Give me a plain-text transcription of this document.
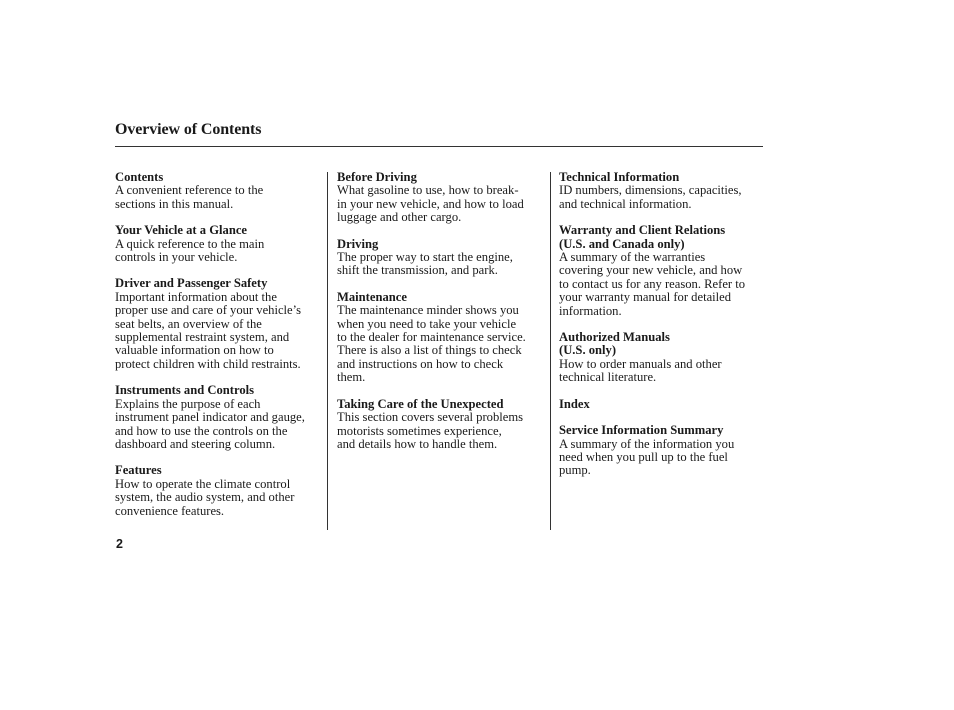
Overview of Contents
Contents
A convenient reference to the
sections in this manual.
Your Vehicle at a Glance
A quick reference to the main
controls in your vehicle.
Driver and Passenger Safety
Important information about the
proper use and care of your vehicle’s
seat belts, an overview of the
supplemental restraint system, and
valuable information on how to
protect children with child restraints.
Instruments and Controls
Explains the purpose of each
instrument panel indicator and gauge,
and how to use the controls on the
dashboard and steering column.
Features
How to operate the climate control
system, the audio system, and other
convenience features.
Before Driving
What gasoline to use, how to break-
in your new vehicle, and how to load
luggage and other cargo.
Driving
The proper way to start the engine,
shift the transmission, and park.
Maintenance
The maintenance minder shows you
when you need to take your vehicle
to the dealer for maintenance service.
There is also a list of things to check
and instructions on how to check
them.
Taking Care of the Unexpected
This section covers several problems
motorists sometimes experience,
and details how to handle them.
Technical Information
ID numbers, dimensions, capacities,
and technical information.
Warranty and Client Relations
(U.S. and Canada only)
A summary of the warranties
covering your new vehicle, and how
to contact us for any reason. Refer to
your warranty manual for detailed
information.
Authorized Manuals
(U.S. only)
How to order manuals and other
technical literature.
Index
Service Information Summary
A summary of the information you
need when you pull up to the fuel
pump.
2
